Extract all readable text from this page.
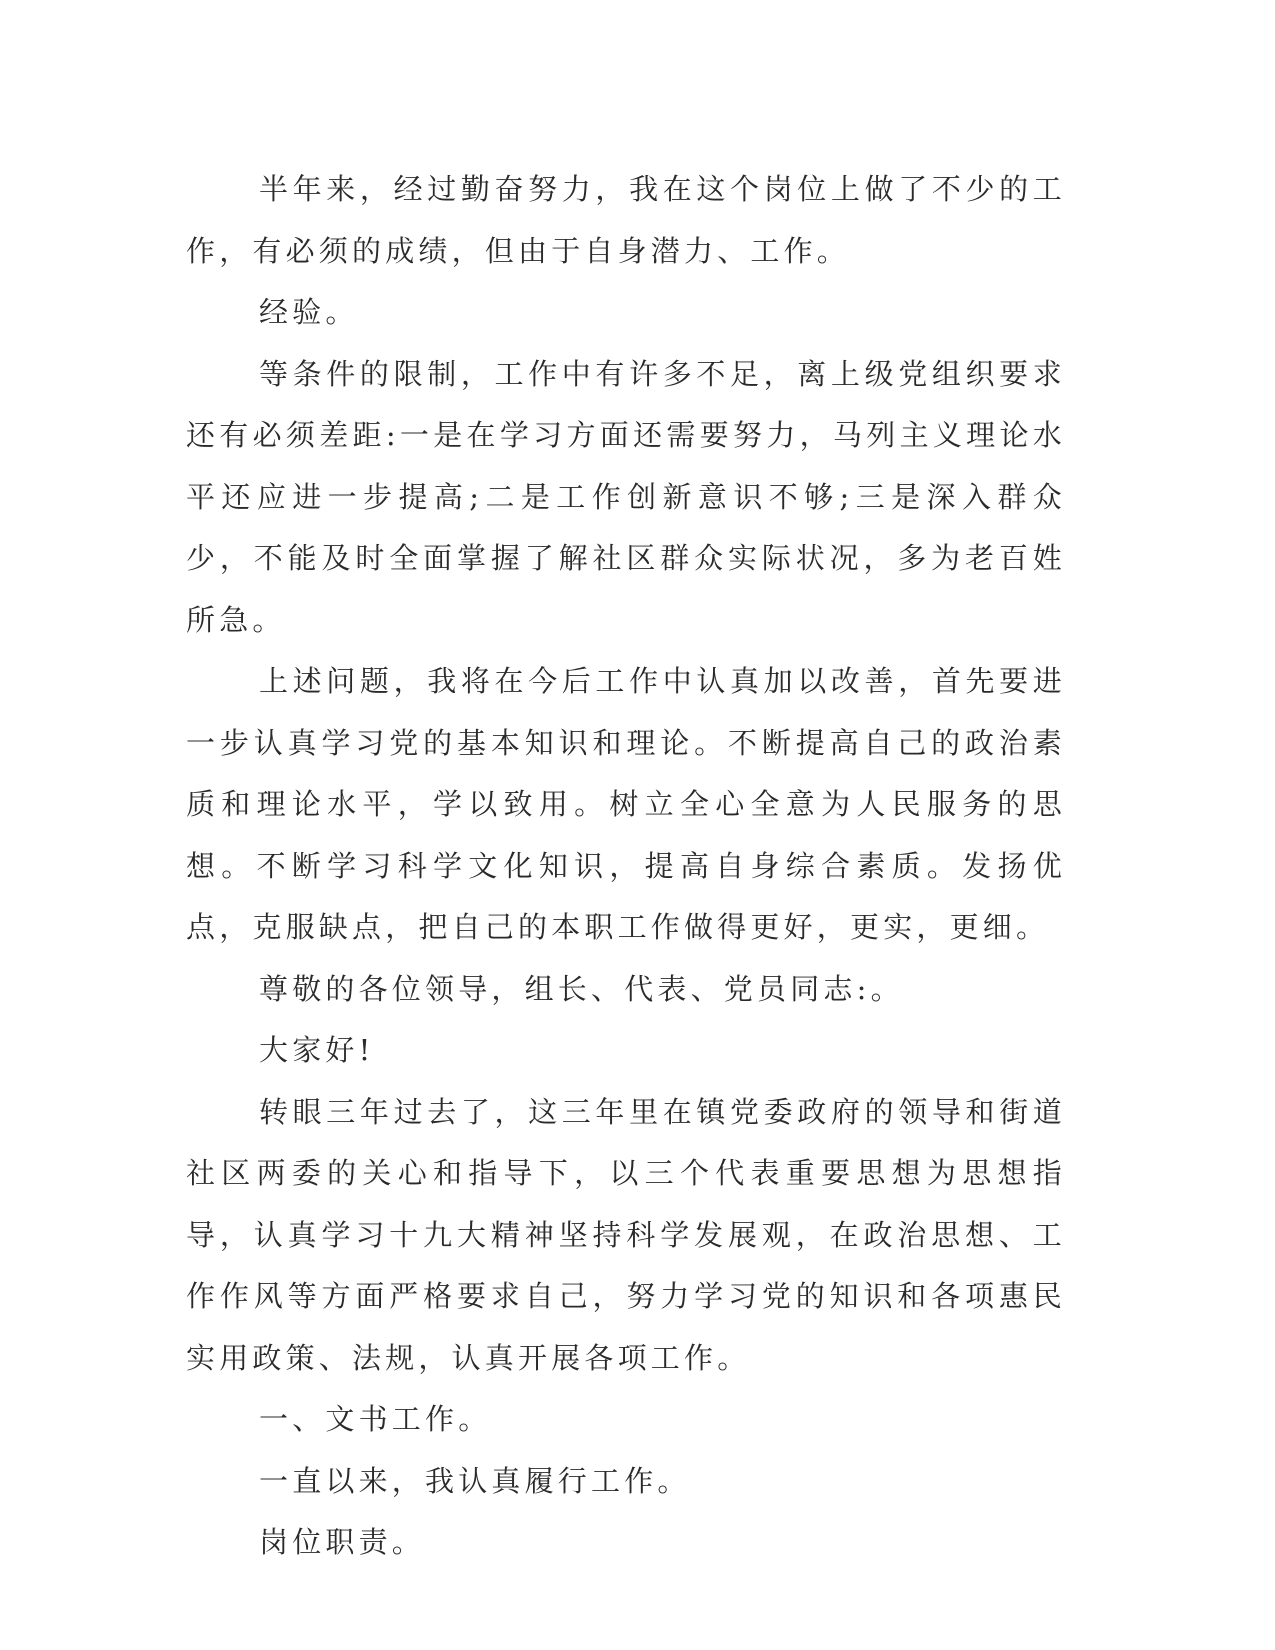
半年来，经过勤奋努力，我在这个岗位上做了不少的工作，有必须的成绩，但由于自身潜力、工作。

经验。

等条件的限制，工作中有许多不足，离上级党组织要求还有必须差距:一是在学习方面还需要努力，马列主义理论水平还应进一步提高;二是工作创新意识不够;三是深入群众少，不能及时全面掌握了解社区群众实际状况，多为老百姓所急。

上述问题，我将在今后工作中认真加以改善，首先要进一步认真学习党的基本知识和理论。不断提高自己的政治素质和理论水平，学以致用。树立全心全意为人民服务的思想。不断学习科学文化知识，提高自身综合素质。发扬优点，克服缺点，把自己的本职工作做得更好，更实，更细。

尊敬的各位领导，组长、代表、党员同志:。

大家好!

转眼三年过去了，这三年里在镇党委政府的领导和街道社区两委的关心和指导下，以三个代表重要思想为思想指导，认真学习十九大精神坚持科学发展观，在政治思想、工作作风等方面严格要求自己，努力学习党的知识和各项惠民实用政策、法规，认真开展各项工作。

一、文书工作。

一直以来，我认真履行工作。

岗位职责。
